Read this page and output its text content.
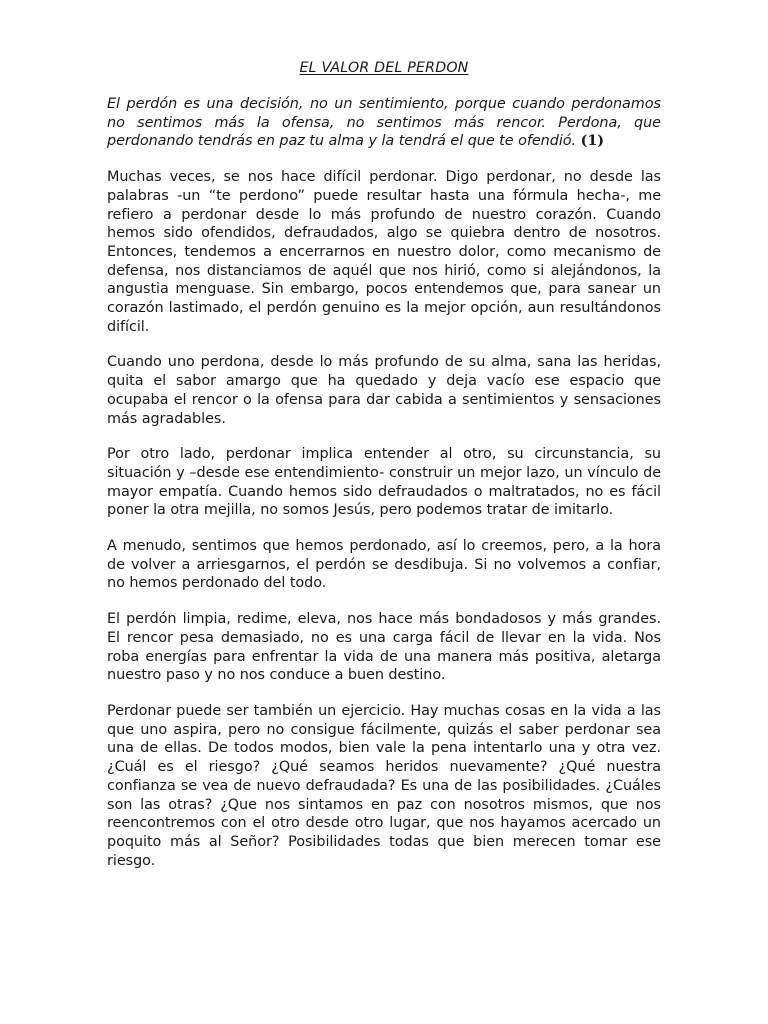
EL VALOR DEL PERDON

El perdón es una decisión, no un sentimiento, porque cuando perdonamos no sentimos más la ofensa, no sentimos más rencor. Perdona, que perdonando tendrás en paz tu alma y la tendrá el que te ofendió. (1)

Muchas veces, se nos hace difícil perdonar. Digo perdonar, no desde las palabras -un “te perdono” puede resultar hasta una fórmula hecha-, me refiero a perdonar desde lo más profundo de nuestro corazón. Cuando hemos sido ofendidos, defraudados, algo se quiebra dentro de nosotros. Entonces, tendemos a encerrarnos en nuestro dolor, como mecanismo de defensa, nos distanciamos de aquél que nos hirió, como si alejándonos, la angustia menguase. Sin embargo, pocos entendemos que, para sanear un corazón lastimado, el perdón genuino es la mejor opción, aun resultándonos difícil.

Cuando uno perdona, desde lo más profundo de su alma, sana las heridas, quita el sabor amargo que ha quedado y deja vacío ese espacio que ocupaba el rencor o la ofensa para dar cabida a sentimientos y sensaciones más agradables.

Por otro lado, perdonar implica entender al otro, su circunstancia, su situación y –desde ese entendimiento- construir un mejor lazo, un vínculo de mayor empatía. Cuando hemos sido defraudados o maltratados, no es fácil poner la otra mejilla, no somos Jesús, pero podemos tratar de imitarlo.

A menudo, sentimos que hemos perdonado, así lo creemos, pero, a la hora de volver a arriesgarnos, el perdón se desdibuja. Si no volvemos a confiar, no hemos perdonado del todo.

El perdón limpia, redime, eleva, nos hace más bondadosos y más grandes. El rencor pesa demasiado, no es una carga fácil de llevar en la vida. Nos roba energías para enfrentar la vida de una manera más positiva, aletarga nuestro paso y no nos conduce a buen destino.

Perdonar puede ser también un ejercicio. Hay muchas cosas en la vida a las que uno aspira, pero no consigue fácilmente, quizás el saber perdonar sea una de ellas. De todos modos, bien vale la pena intentarlo una y otra vez. ¿Cuál es el riesgo? ¿Qué seamos heridos nuevamente? ¿Qué nuestra confianza se vea de nuevo defraudada? Es una de las posibilidades. ¿Cuáles son las otras? ¿Que nos sintamos en paz con nosotros mismos, que nos reencontremos con el otro desde otro lugar, que nos hayamos acercado un poquito más al Señor? Posibilidades todas que bien merecen tomar ese riesgo.
